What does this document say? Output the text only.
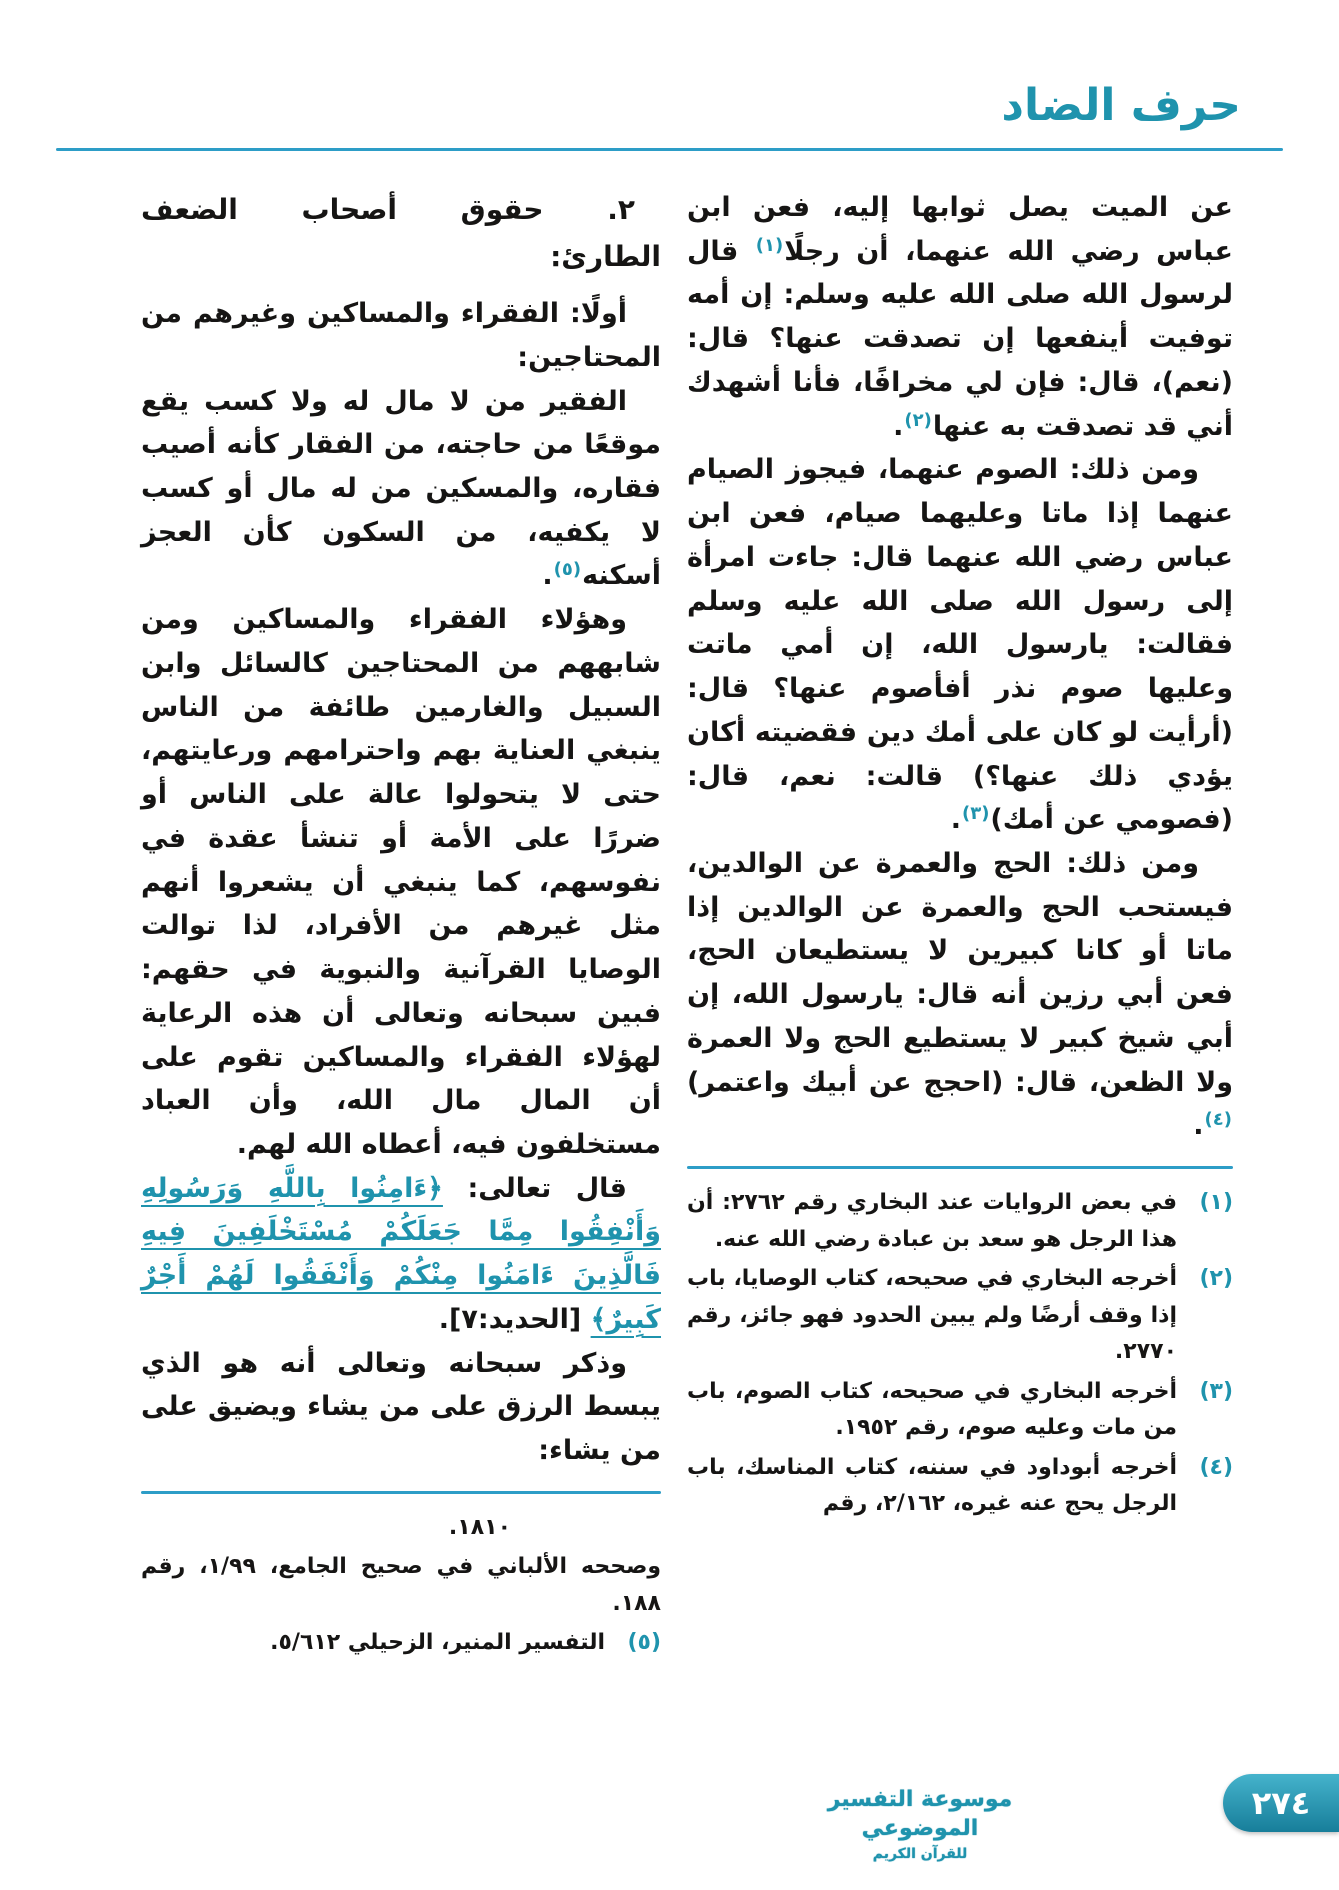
حرف الضاد

عن الميت يصل ثوابها إليه، فعن ابن عباس رضي الله عنهما، أن رجلًا$^{(١)}$ قال لرسول الله صلى الله عليه وسلم: إن أمه توفيت أينفعها إن تصدقت عنها؟ قال: (نعم)، قال: فإن لي مخرافًا، فأنا أشهدك أني قد تصدقت به عنها$^{(٢)}$.

ومن ذلك: الصوم عنهما، فيجوز الصيام عنهما إذا ماتا وعليهما صيام، فعن ابن عباس رضي الله عنهما قال: جاءت امرأة إلى رسول الله صلى الله عليه وسلم فقالت: يارسول الله، إن أمي ماتت وعليها صوم نذر أفأصوم عنها؟ قال: (أرأيت لو كان على أمك دين فقضيته أكان يؤدي ذلك عنها؟) قالت: نعم، قال: (فصومي عن أمك)$^{(٣)}$.

ومن ذلك: الحج والعمرة عن الوالدين، فيستحب الحج والعمرة عن الوالدين إذا ماتا أو كانا كبيرين لا يستطيعان الحج، فعن أبي رزين أنه قال: يارسول الله، إن أبي شيخ كبير لا يستطيع الحج ولا العمرة ولا الظعن، قال: (احجج عن أبيك واعتمر)$^{(٤)}$.

(١)
في بعض الروايات عند البخاري رقم ٢٧٦٢: أن هذا الرجل هو سعد بن عبادة رضي الله عنه.
(٢)
أخرجه البخاري في صحيحه، كتاب الوصايا، باب إذا وقف أرضًا ولم يبين الحدود فهو جائز، رقم ٢٧٧٠.
(٣)
أخرجه البخاري في صحيحه، كتاب الصوم، باب من مات وعليه صوم، رقم ١٩٥٢.
(٤)
أخرجه أبوداود في سننه، كتاب المناسك، باب الرجل يحج عنه غيره، ٢/١٦٢، رقم
٢. حقوق أصحاب الضعف
الطارئ:

أولًا: الفقراء والمساكين وغيرهم من المحتاجين:

الفقير من لا مال له ولا كسب يقع موقعًا من حاجته، من الفقار كأنه أصيب فقاره، والمسكين من له مال أو كسب لا يكفيه، من السكون كأن العجز أسكنه$^{(٥)}$.

وهؤلاء الفقراء والمساكين ومن شابههم من المحتاجين كالسائل وابن السبيل والغارمين طائفة من الناس ينبغي العناية بهم واحترامهم ورعايتهم، حتى لا يتحولوا عالة على الناس أو ضررًا على الأمة أو تنشأ عقدة في نفوسهم، كما ينبغي أن يشعروا أنهم مثل غيرهم من الأفراد، لذا توالت الوصايا القرآنية والنبوية في حقهم: فبين سبحانه وتعالى أن هذه الرعاية لهؤلاء الفقراء والمساكين تقوم على أن المال مال الله، وأن العباد مستخلفون فيه، أعطاه الله لهم.

قال تعالى: ﴿ءَامِنُوا بِاللَّهِ وَرَسُولِهِ وَأَنْفِقُوا مِمَّا جَعَلَكُمْ مُسْتَخْلَفِينَ فِيهِ فَالَّذِينَ ءَامَنُوا مِنْكُمْ وَأَنْفَقُوا لَهُمْ أَجْرٌ كَبِيرٌ﴾ [الحديد:٧].

وذكر سبحانه وتعالى أنه هو الذي يبسط الرزق على من يشاء ويضيق على من يشاء:

١٨١٠.
وصححه الألباني في صحيح الجامع، ١/٩٩، رقم ١٨٨.
(٥)
التفسير المنير، الزحيلي ٥/٦١٢.
موسوعة التفسير الموضوعي
للقرآن الكريم
٢٧٤
